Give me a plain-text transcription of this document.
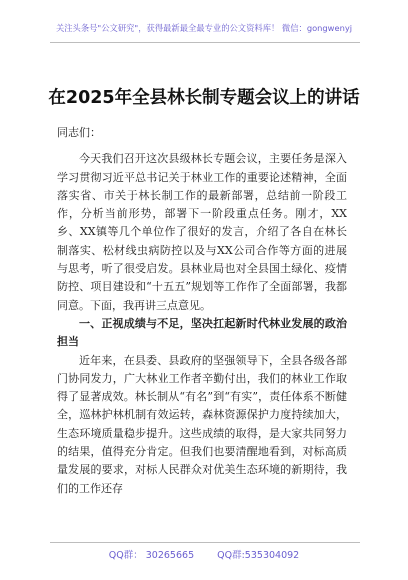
关注头条号"公文研究"，获得最新最全最专业的公文资料库！ 微信：gongwenyj
在2025年全县林长制专题会议上的讲话

同志们：

今天我们召开这次县级林长专题会议，主要任务是深入学习贯彻习近平总书记关于林业工作的重要论述精神，全面落实省、市关于林长制工作的最新部署，总结前一阶段工作，分析当前形势，部署下一阶段重点任务。刚才，XX乡、XX镇等几个单位作了很好的发言，介绍了各自在林长制落实、松材线虫病防控以及与XX公司合作等方面的进展与思考，听了很受启发。县林业局也对全县国土绿化、疫情防控、项目建设和“十五五”规划等工作作了全面部署，我都同意。下面，我再讲三点意见。

一、正视成绩与不足，坚决扛起新时代林业发展的政治担当

近年来，在县委、县政府的坚强领导下，全县各级各部门协同发力，广大林业工作者辛勤付出，我们的林业工作取得了显著成效。林长制从“有名”到“有实”，责任体系不断健全，巡林护林机制有效运转，森林资源保护力度持续加大，生态环境质量稳步提升。这些成绩的取得，是大家共同努力的结果，值得充分肯定。但我们也要清醒地看到，对标高质量发展的要求，对标人民群众对优美生态环境的新期待，我们的工作还存

QQ群： 30265665 QQ群:535304092
